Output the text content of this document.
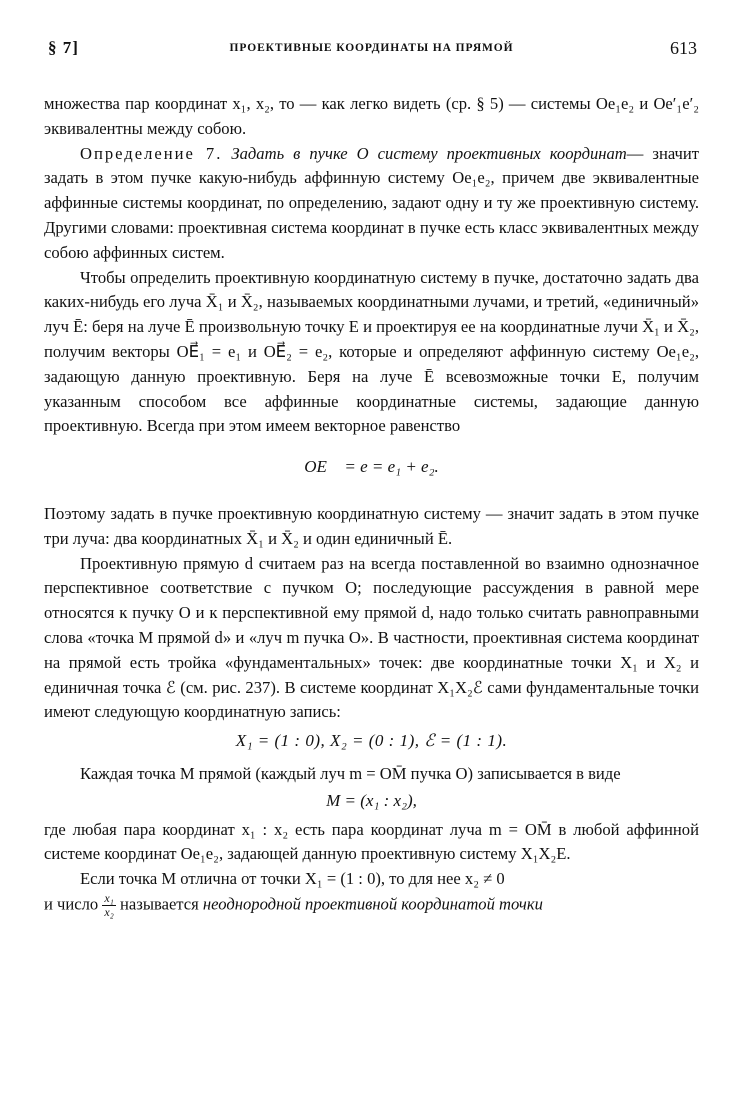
§ 7]	ПРОЕКТИВНЫЕ КООРДИНАТЫ НА ПРЯМОЙ	613

множества пар координат x₁, x₂, то — как легко видеть (ср. § 5) — системы Oe₁e₂ и Oe′₁e′₂ эквивалентны между собою.

Определение 7. Задать в пучке O систему проективных координат— значит задать в этом пучке какую-нибудь аффинную систему Oe₁e₂, причем две эквивалентные аффинные системы координат, по определению, задают одну и ту же проективную систему. Другими словами: проективная система координат в пучке есть класс эквивалентных между собою аффинных систем.

Чтобы определить проективную координатную систему в пучке, достаточно задать два каких-нибудь его луча X̄₁ и X̄₂, называемых координатными лучами, и третий, «единичный» луч Ē: беря на луче Ē произвольную точку E и проектируя ее на координатные лучи X̄₁ и X̄₂, получим векторы OE⃗₁ = e₁ и OE⃗₂ = e₂, которые и определяют аффинную систему Oe₁e₂, задающую данную проективную. Беря на луче Ē всевозможные точки E, получим указанным способом все аффинные координатные системы, задающие данную проективную. Всегда при этом имеем векторное равенство

OE⃗ = e = e₁ + e₂.

Поэтому задать в пучке проективную координатную систему — значит задать в этом пучке три луча: два координатных X̄₁ и X̄₂ и один единичный Ē.

Проективную прямую d считаем раз на всегда поставленной во взаимно однозначное перспективное соответствие с пучком O; последующие рассуждения в равной мере относятся к пучку O и к перспективной ему прямой d, надо только считать равноправными слова «точка M прямой d» и «луч m пучка O». В частности, проективная система координат на прямой есть тройка «фундаментальных» точек: две координатные точки X₁ и X₂ и единичная точка ℰ (см. рис. 237). В системе координат X₁X₂ℰ сами фундаментальные точки имеют следующую координатную запись:

X₁ = (1 : 0), X₂ = (0 : 1), ℰ = (1 : 1).

Каждая точка M прямой (каждый луч m = OM̄ пучка O) записывается в виде

M = (x₁ : x₂),

где любая пара координат x₁ : x₂ есть пара координат луча m = OM̄ в любой аффинной системе координат Oe₁e₂, задающей данную проективную систему X₁X₂E.

Если точка M отлична от точки X₁ = (1 : 0), то для нее x₂ ≠ 0

и число $\frac{\text{x₁}}{\text{x₂}}$ называется неоднородной проективной координатой точки
